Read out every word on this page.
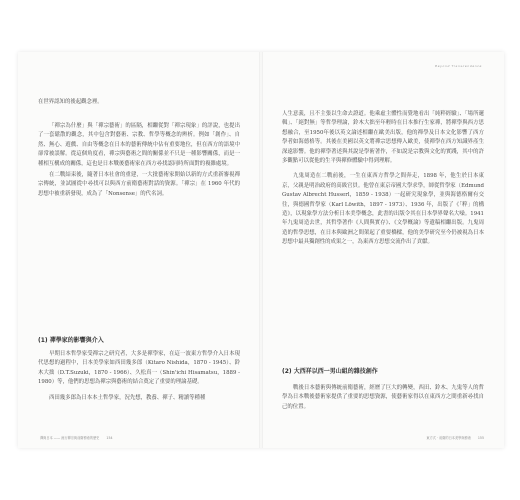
在世界認知的後起觀念裡。

「禪宗為什麼」與「禪宗藝術」的區隔，相繼從對「禪宗現象」的評說，也提出了一套鬆散的觀念，其中包含對藝術、宗教、哲學等概念的辨析。例如「創作」、自然、無心、遊戲、自由等概念在日本的藝術傳統中佔有重要地位，但在西方的語境中卻常被誤解。從這個角度看，禪宗與藝術之間的關係並不只是一種影響關係，而是一種相互構成的關係，這也是日本戰後藝術家在西方尋找認同時所面對的複雜處境。

在二戰結束後，隨著日本社會的重建，一大批藝術家開始以新的方式重新審視禪宗傳統，並試圖從中尋找可以與西方前衛藝術對話的資源。「禪宗」在 1960 年代的思想中被重新發現，成為了「Nonsense」的代名詞。

(1) 禪學家的影響與介入

早期日本哲學家受禪宗之研究者，大多是禪學家，在這一波東方哲學介入日本現代思想的過程中，日本美學家如西田幾多郎（Kitaro Nishida，1870 - 1945）、鈴木大拙（D.T.Suzuki，1870 - 1966）、久松真一（Shin'ichi Hisamatsu，1889 - 1980）等，他們的思想為禪宗與藝術的結合奠定了重要的理論基礎。

西田幾多郎為日本本土哲學家，況先想，教養、禪子、精讀等種種

禪與日本 —— 流行禪宗與前衛藝術的歷史 154
Beyond Transcendence

人生意義，且不主張以生命去證道。他乘虛主體性而覺地看出「純粹經驗」、「場所邏輯」、「絕對無」等哲學理論，鈴木大拙至年輕時在日本推行生家禪，將禪學與西方思想融合，至1950年後以英文論述相繼在歐美出版，他的禪學及日本文化影響了西方學者如海德格等。其後在美國以英文將禪宗思想傳入歐美，使禪學在西方知識界產生深遠影響。他的禪學著述與其說是學術著作，不如說是宗教與文化的實踐，其中的許多觀點可以從他的生平與禪修體驗中得到理解。

九鬼周造在二戰前後，一生在東西方哲學之間奔走，1898 年，他生於日本東京，父親是明治政府的高級官員。他曾在東京帝國大學求學，師從哲學家（Edmund Gustav Albrecht Husserl，1859 - 1938）一起研究現象學，並與海德格爾有交往，與德國哲學家（Karl Löwith，1897 - 1973）、1936 年，出版了《「粹」的構造》，以現象學方法分析日本美學概念，此書的出版令其在日本學界聲名大噪。1941 年九鬼周造去世，其哲學著作《人間與實存》、《文學概論》等遺稿相繼出版。九鬼周造的哲學思想，在日本與歐洲之間架起了重要橋樑，他的美學研究至今仍被視為日本思想中最具獨創性的成果之一，為東西方思想交流作出了貢獻。

(2) 大西祥以西一男山組的雜技創作

戰後日本藝術與傳統前衛藝術，經歷了巨大的轉變，西田、鈴木、九鬼等人的哲學為日本戰後藝術家提供了重要的思想資源，使藝術家得以在東西方之間重新尋找自己的位置。

東方式 · 前衛的日本美學與藝術 155
